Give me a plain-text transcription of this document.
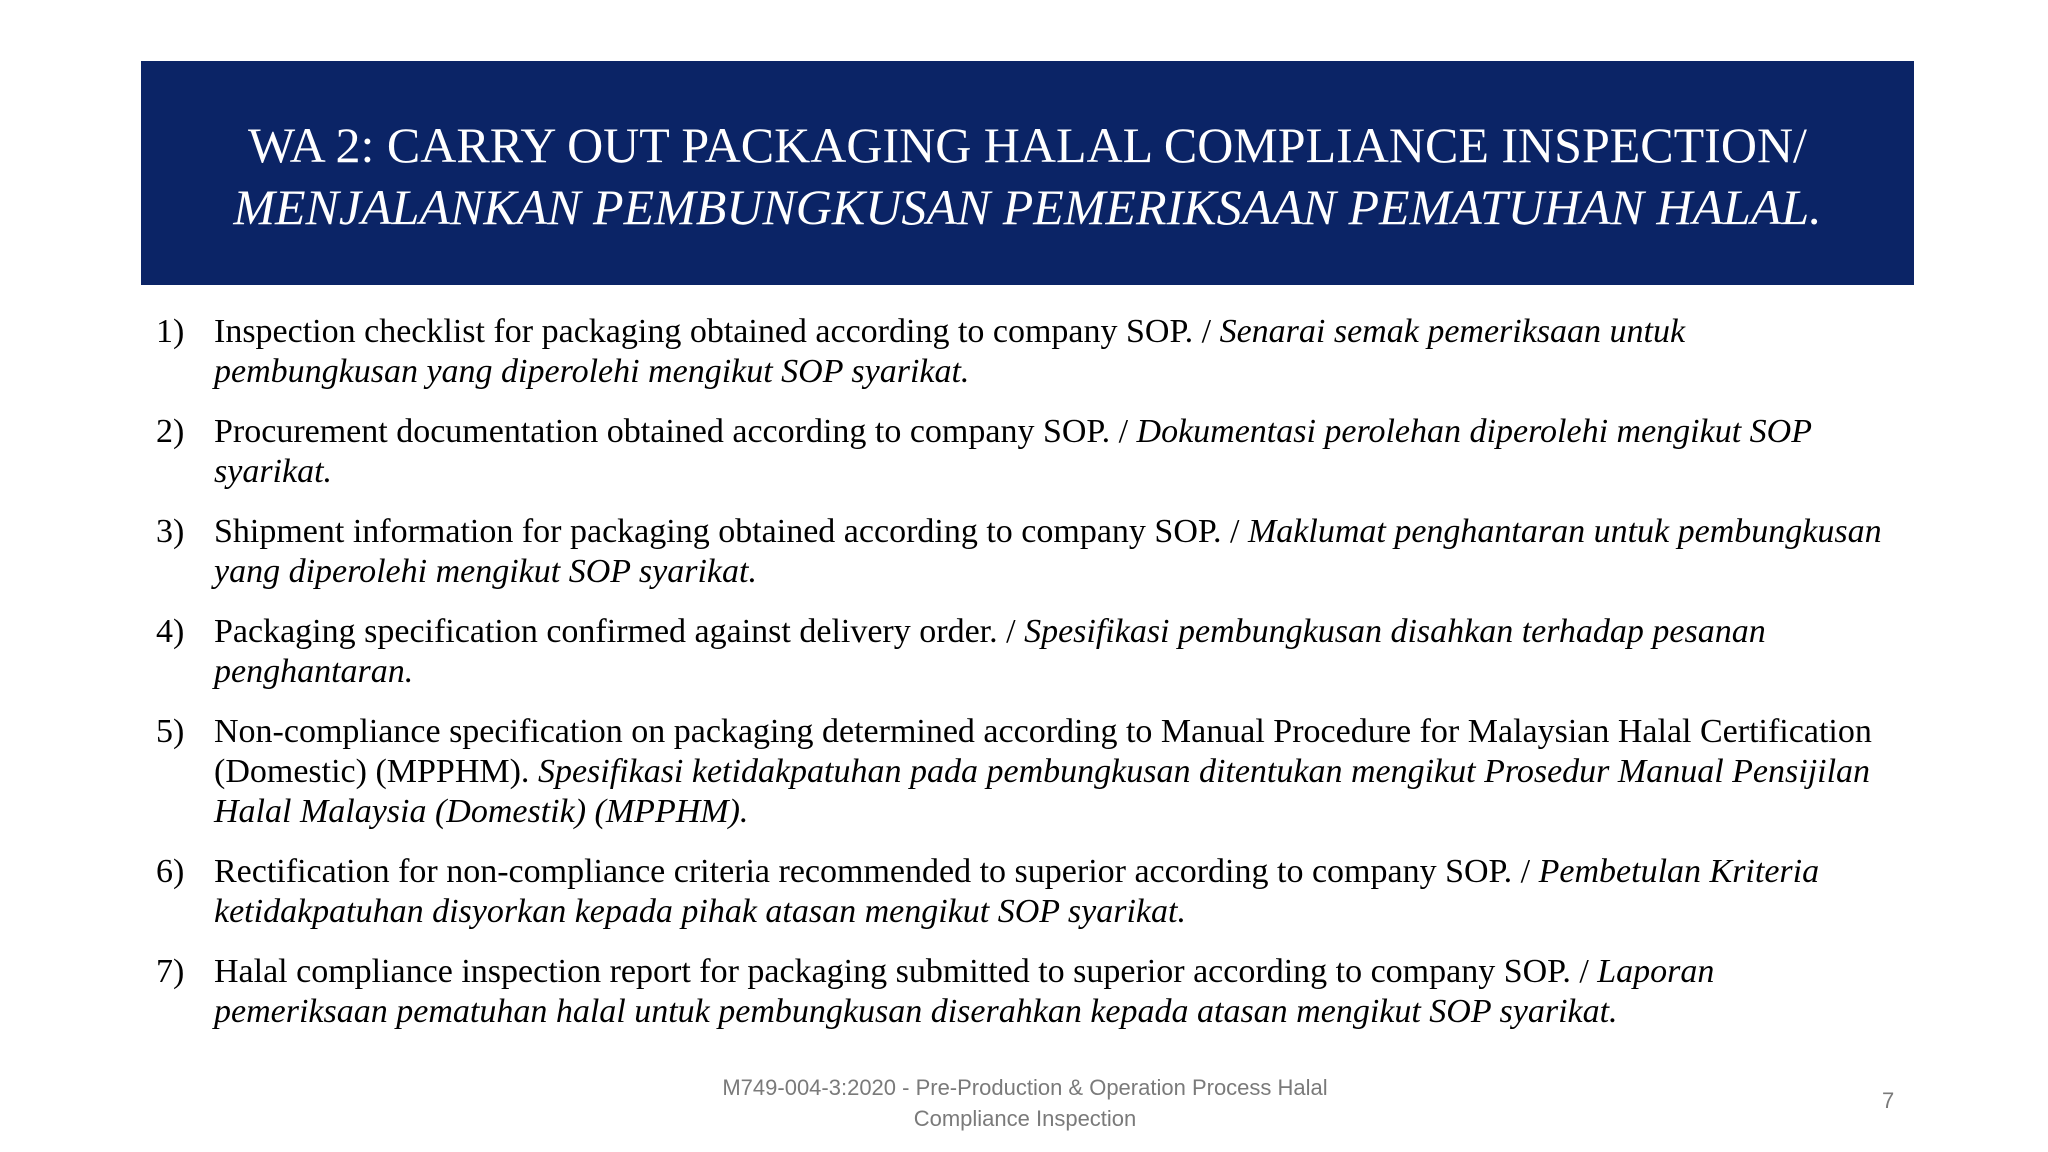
WA 2: CARRY OUT PACKAGING HALAL COMPLIANCE INSPECTION/
MENJALANKAN PEMBUNGKUSAN PEMERIKSAAN PEMATUHAN HALAL.
1) Inspection checklist for packaging obtained according to company SOP. / Senarai semak pemeriksaan untuk pembungkusan yang diperolehi mengikut SOP syarikat.
2) Procurement documentation obtained according to company SOP. / Dokumentasi perolehan diperolehi mengikut SOP syarikat.
3) Shipment information for packaging obtained according to company SOP. / Maklumat penghantaran untuk pembungkusan yang diperolehi mengikut SOP syarikat.
4) Packaging specification confirmed against delivery order. / Spesifikasi pembungkusan disahkan terhadap pesanan penghantaran.
5) Non-compliance specification on packaging determined according to Manual Procedure for Malaysian Halal Certification (Domestic) (MPPHM). Spesifikasi ketidakpatuhan pada pembungkusan ditentukan mengikut Prosedur Manual Pensijilan Halal Malaysia (Domestik) (MPPHM).
6) Rectification for non-compliance criteria recommended to superior according to company SOP. / Pembetulan Kriteria ketidakpatuhan disyorkan kepada pihak atasan mengikut SOP syarikat.
7) Halal compliance inspection report for packaging submitted to superior according to company SOP. / Laporan pemeriksaan pematuhan halal untuk pembungkusan diserahkan kepada atasan mengikut SOP syarikat.
M749-004-3:2020 - Pre-Production & Operation Process Halal
Compliance Inspection
7
